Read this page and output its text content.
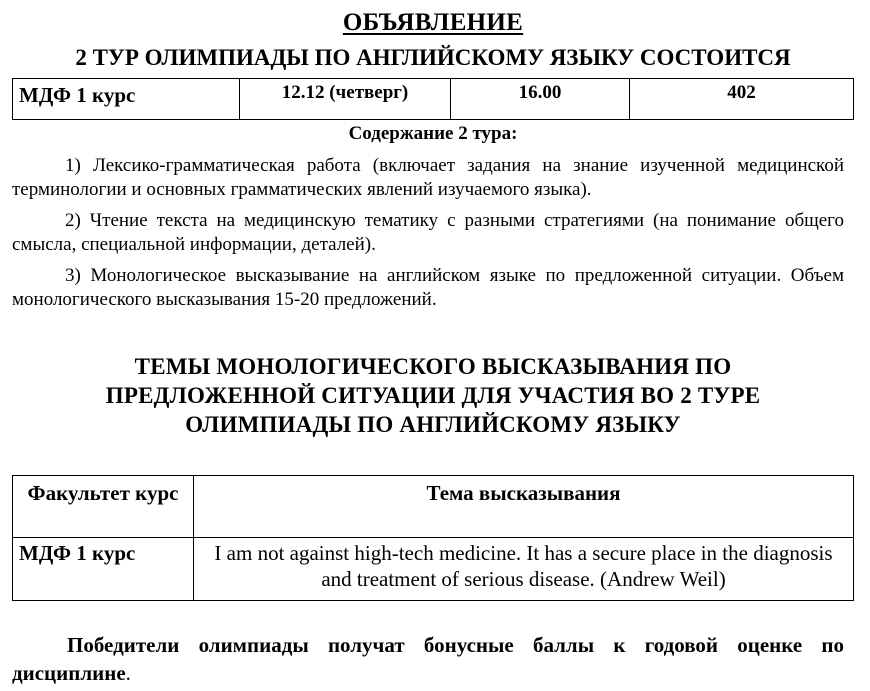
ОБЪЯВЛЕНИЕ
2 ТУР ОЛИМПИАДЫ ПО АНГЛИЙСКОМУ ЯЗЫКУ СОСТОИТСЯ
МДФ 1 курс	12.12 (четверг)	16.00	402
Содержание 2 тура:
1) Лексико-грамматическая работа (включает задания на знание изученной медицинской терминологии и основных грамматических явлений изучаемого языка).
2) Чтение текста на медицинскую тематику с разными стратегиями (на понимание общего смысла, специальной информации, деталей).
3) Монологическое высказывание на английском языке по предложенной ситуации. Объем монологического высказывания 15-20 предложений.
ТЕМЫ МОНОЛОГИЧЕСКОГО ВЫСКАЗЫВАНИЯ ПО
ПРЕДЛОЖЕННОЙ СИТУАЦИИ ДЛЯ УЧАСТИЯ ВО 2 ТУРЕ
ОЛИМПИАДЫ ПО АНГЛИЙСКОМУ ЯЗЫКУ
Факультет курс	Тема высказывания
МДФ 1 курс	I am not against high-tech medicine. It has a secure place in the diagnosis and treatment of serious disease. (Andrew Weil)
Победители олимпиады получат бонусные баллы к годовой оценке по дисциплине.
